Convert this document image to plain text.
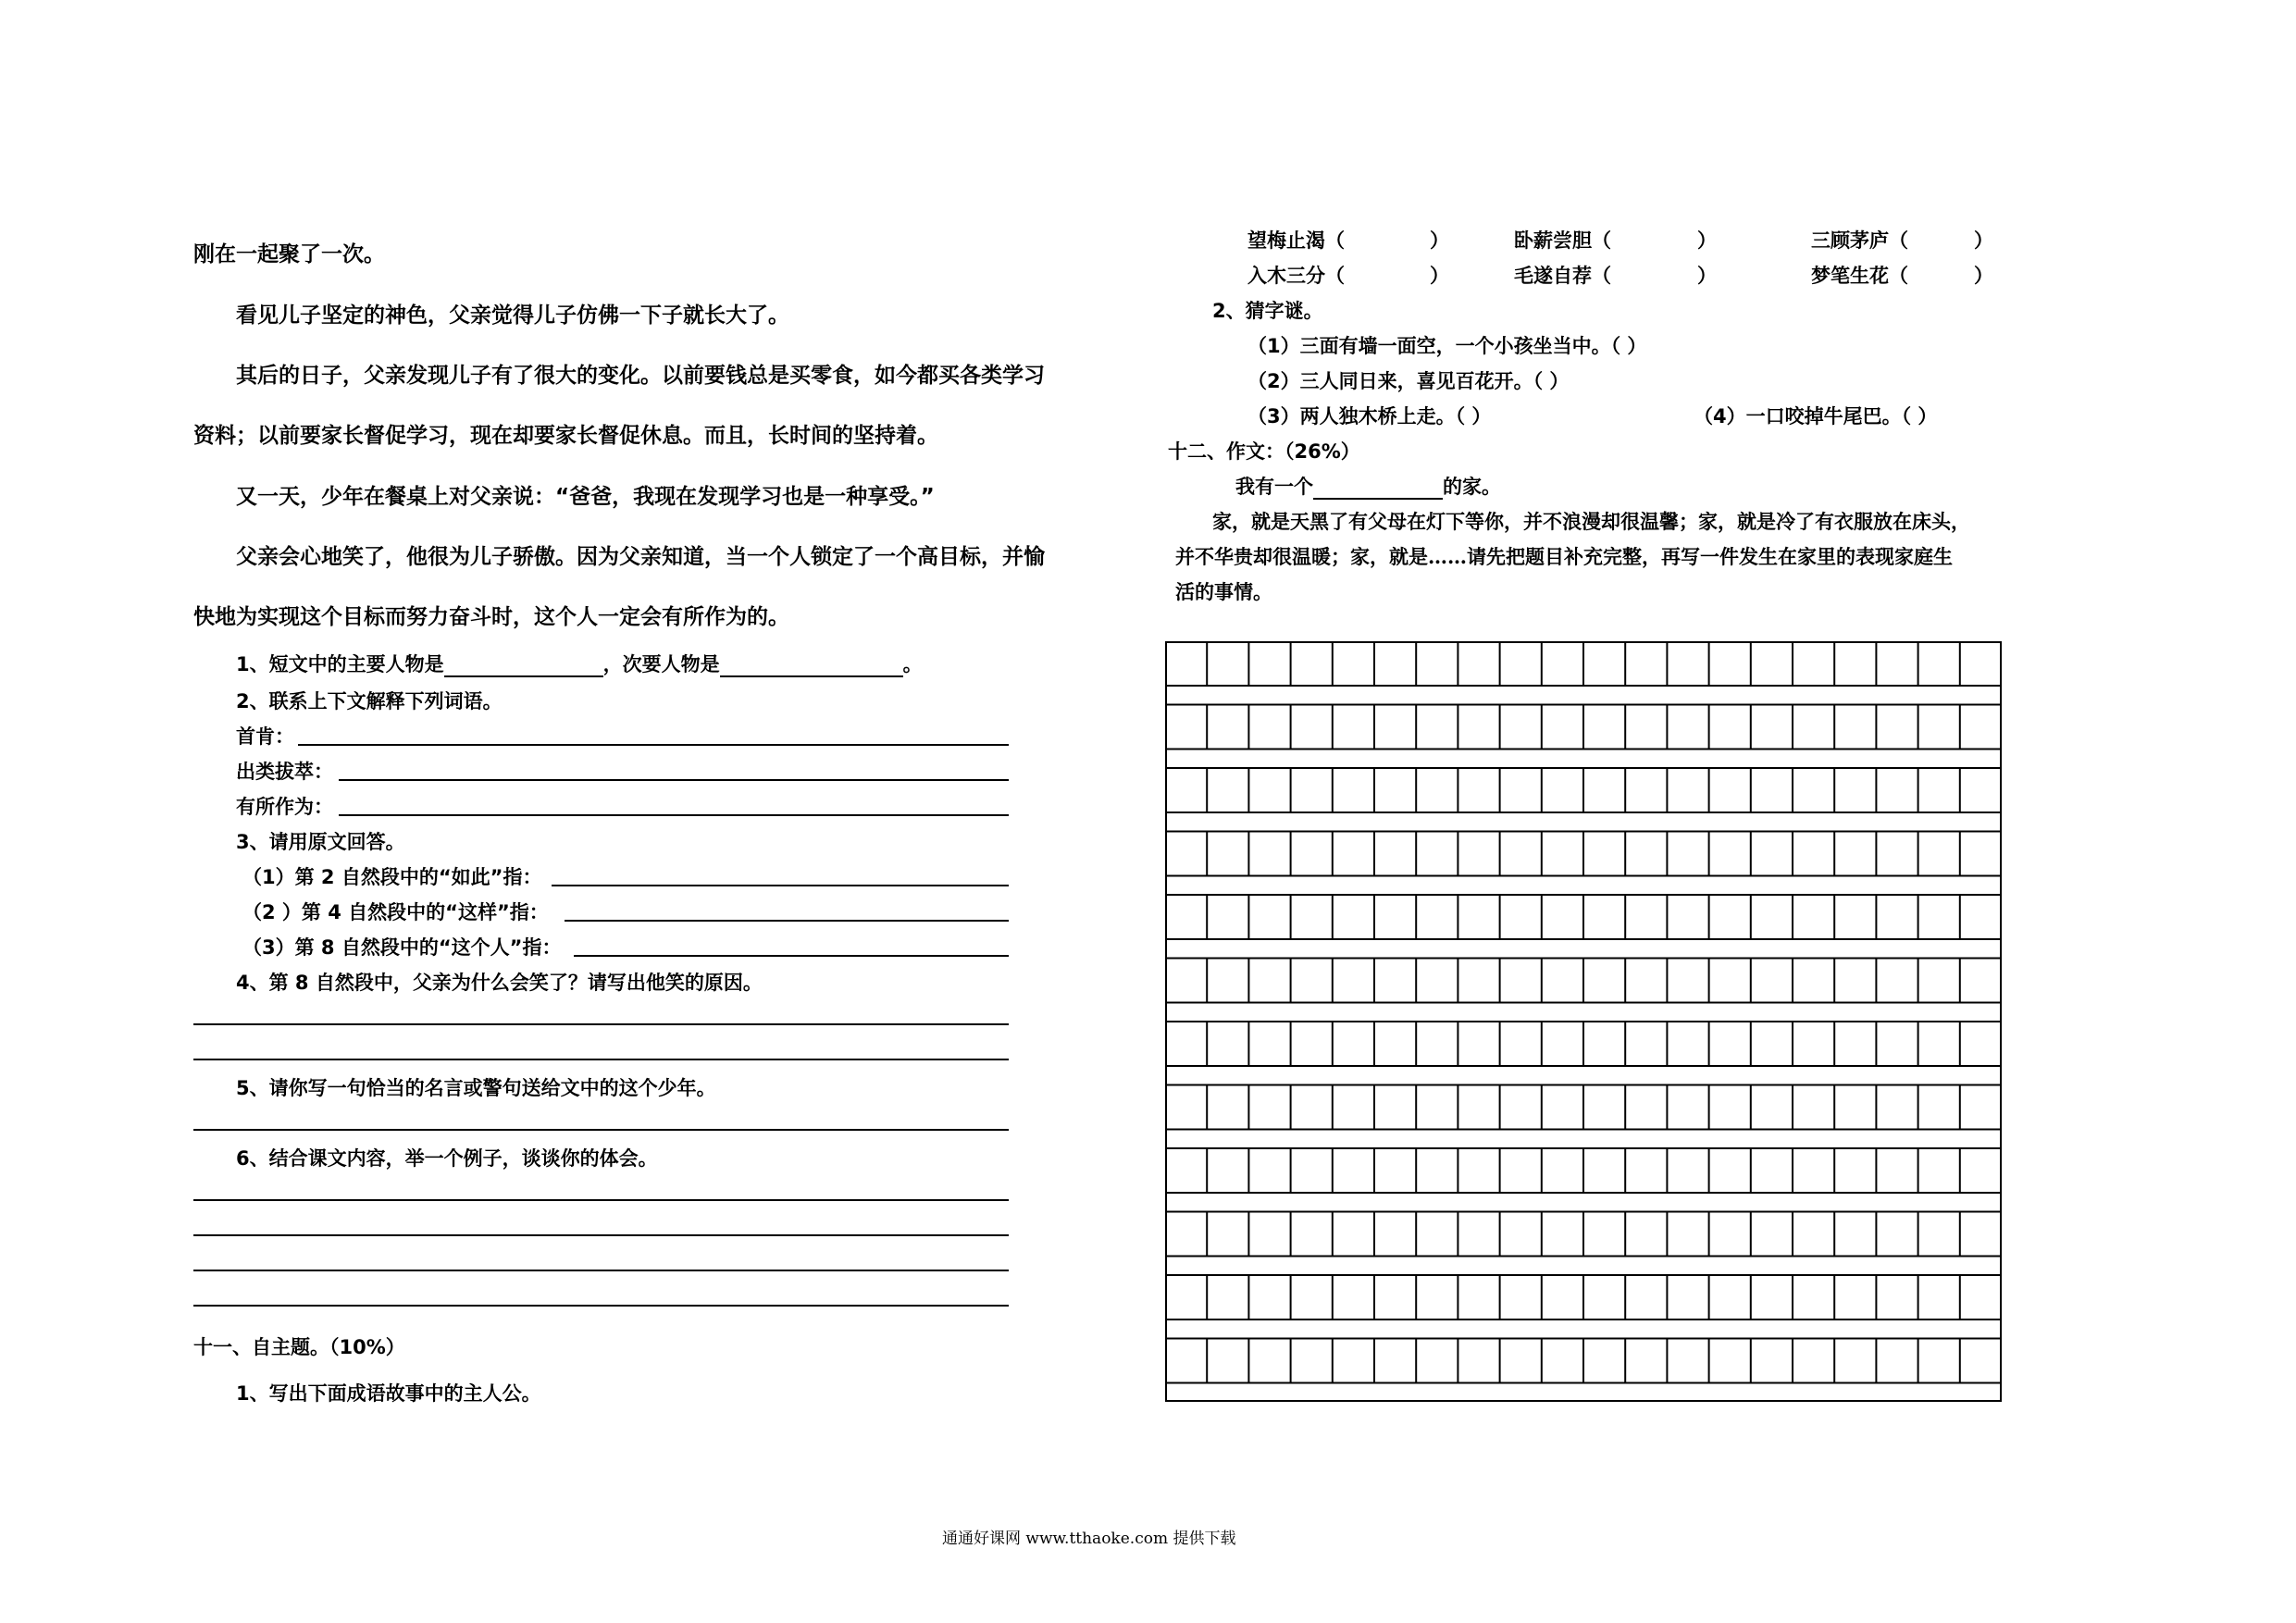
刚在一起聚了一次。
看见儿子坚定的神色，父亲觉得儿子仿佛一下子就长大了。
其后的日子，父亲发现儿子有了很大的变化。以前要钱总是买零食，如今都买各类学习
资料；以前要家长督促学习，现在却要家长督促休息。而且，长时间的坚持着。
又一天，少年在餐桌上对父亲说：“爸爸，我现在发现学习也是一种享受。”
父亲会心地笑了，他很为儿子骄傲。因为父亲知道，当一个人锁定了一个高目标，并愉
快地为实现这个目标而努力奋斗时，这个人一定会有所作为的。
1、短文中的主要人物是	，次要人物是	。
2、联系上下文解释下列词语。
首肯：
出类拔萃：
有所作为：
3、请用原文回答。
（1）第 2 自然段中的“如此”指：
（2 ）第 4 自然段中的“这样”指：
（3）第 8 自然段中的“这个人”指：
4、第 8 自然段中，父亲为什么会笑了？请写出他笑的原因。
5、请你写一句恰当的名言或警句送给文中的这个少年。
6、结合课文内容，举一个例子，谈谈你的体会。
十一、自主题。（10%）
1、写出下面成语故事中的主人公。
望梅止渴（	）	卧薪尝胆（	）	三顾茅庐（	）
入木三分（	）	毛遂自荐（	）	梦笔生花（	）
2、猜字谜。
（1）三面有墙一面空，一个小孩坐当中。（ ）
（2）三人同日来，喜见百花开。（ ）
（3）两人独木桥上走。（ ）	（4）一口咬掉牛尾巴。（ ）
十二、作文：（26%）
我有一个	的家。
家，就是天黑了有父母在灯下等你，并不浪漫却很温馨；家，就是冷了有衣服放在床头，
并不华贵却很温暖；家，就是……请先把题目补充完整，再写一件发生在家里的表现家庭生
活的事情。
通通好课网 www.tthaoke.com 提供下载
